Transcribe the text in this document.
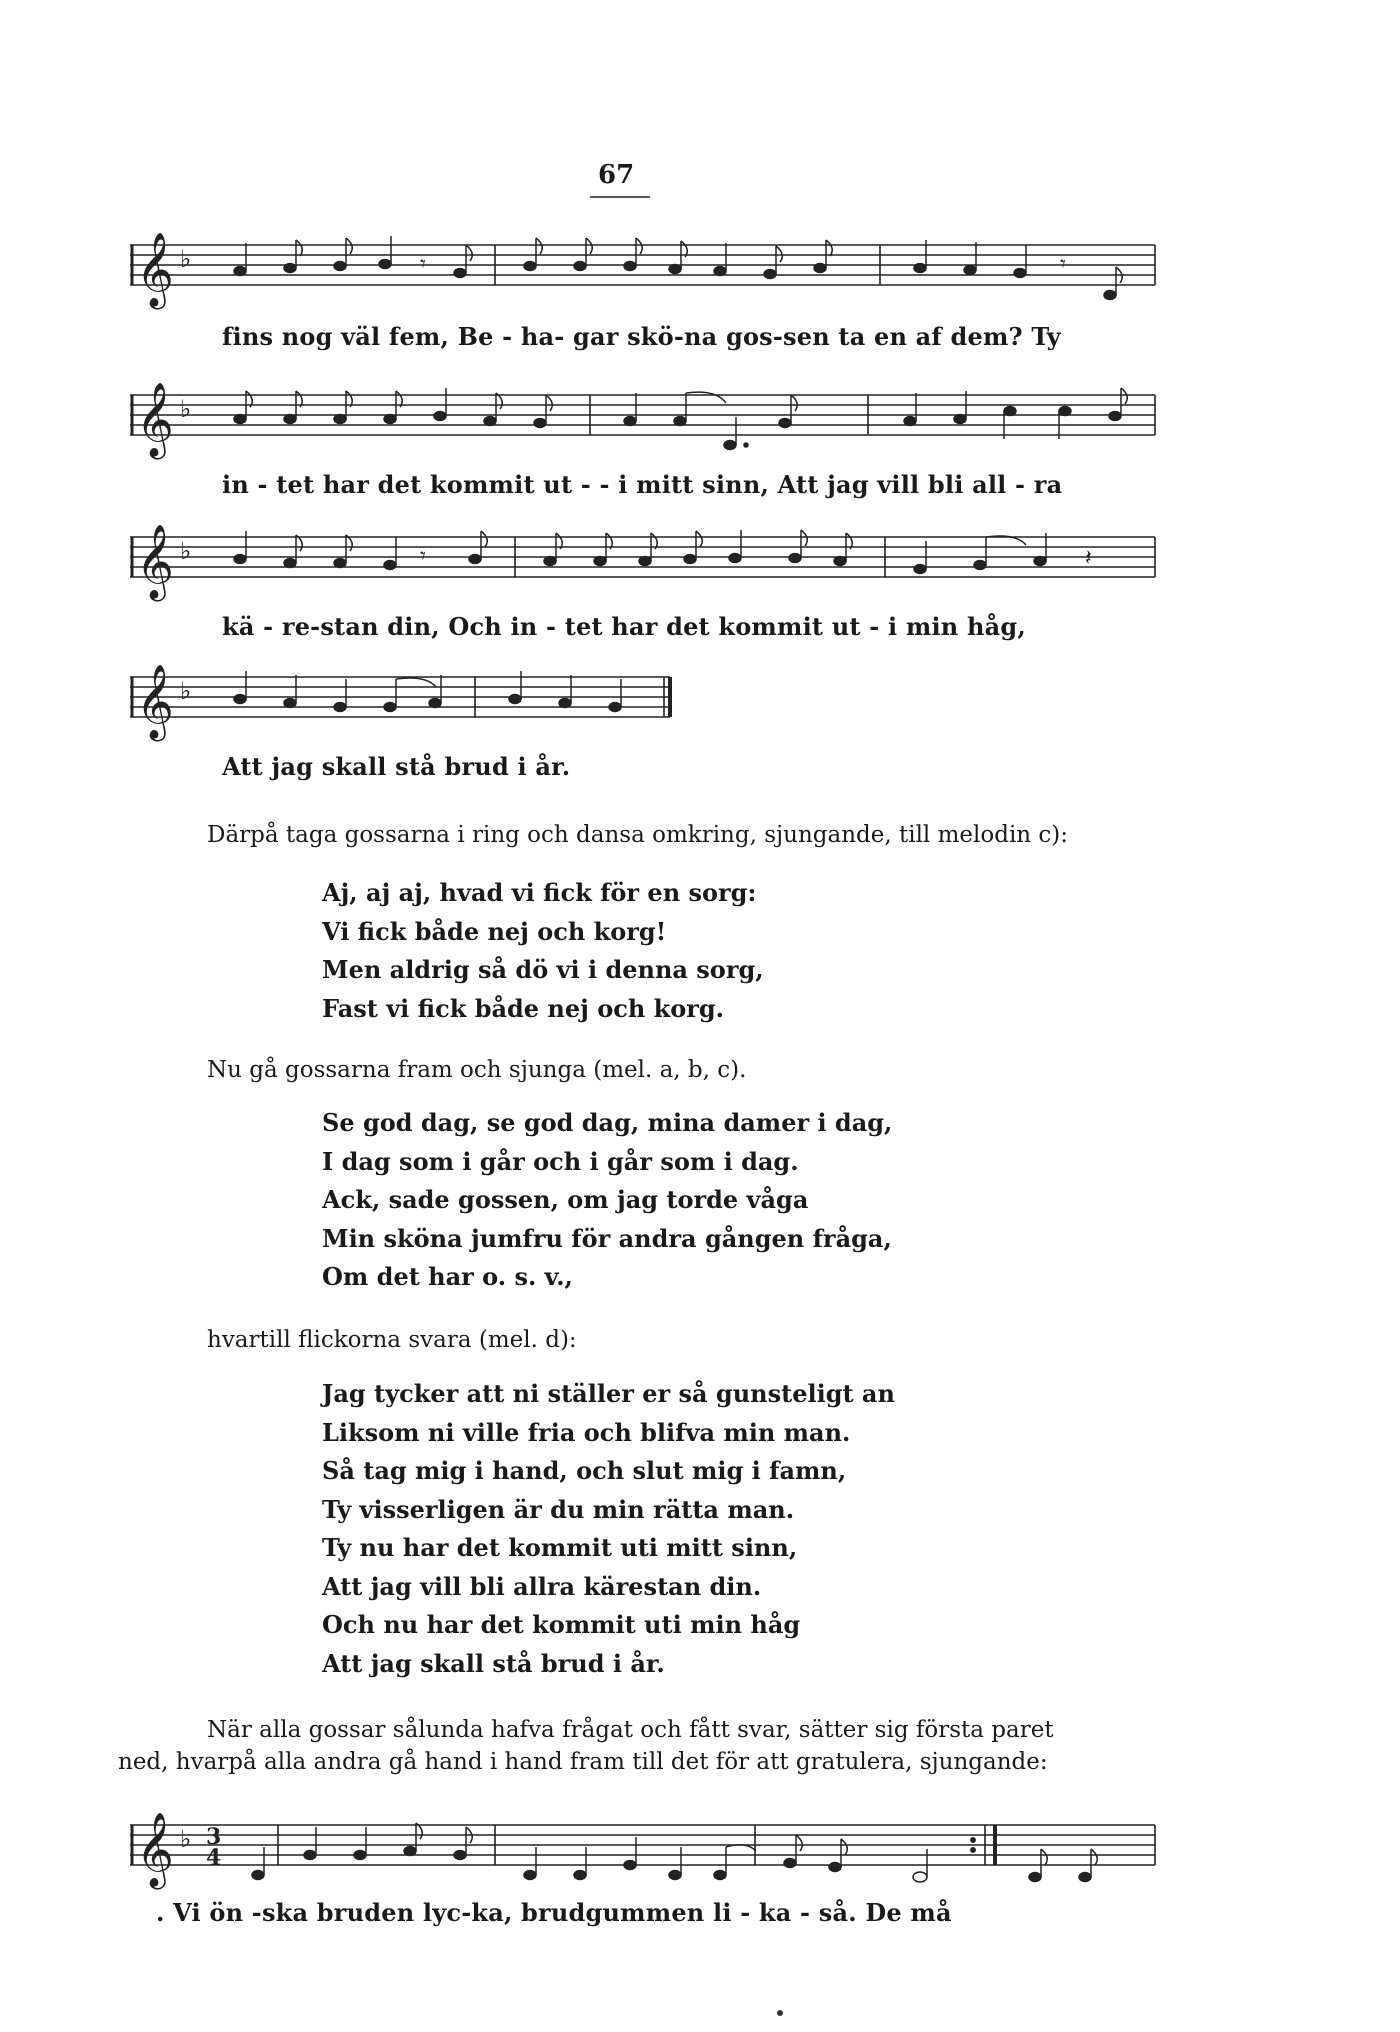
67
𝄞 ♭	𝄾	𝄾
fins nog väl fem, Be - ha- gar skö-na gos-sen ta en af dem? Ty
𝄞 ♭
in - tet har det kommit ut - - i mitt sinn, Att jag vill bli all - ra
𝄞 ♭	𝄾	𝄽
kä - re-stan din, Och in - tet har det kommit ut - i min håg,
𝄞 ♭
Att jag skall stå brud i år.
Därpå taga gossarna i ring och dansa omkring, sjungande, till melodin c):
Aj, aj aj, hvad vi fick för en sorg:
Vi fick både nej och korg!
Men aldrig så dö vi i denna sorg,
Fast vi fick både nej och korg.
Nu gå gossarna fram och sjunga (mel. a, b, c).
Se god dag, se god dag, mina damer i dag,
I dag som i går och i går som i dag.
Ack, sade gossen, om jag torde våga
Min sköna jumfru för andra gången fråga,
Om det har o. s. v.,
hvartill flickorna svara (mel. d):
Jag tycker att ni ställer er så gunsteligt an
Liksom ni ville fria och blifva min man.
Så tag mig i hand, och slut mig i famn,
Ty visserligen är du min rätta man.
Ty nu har det kommit uti mitt sinn,
Att jag vill bli allra kärestan din.
Och nu har det kommit uti min håg
Att jag skall stå brud i år.
När alla gossar sålunda hafva frågat och fått svar, sätter sig första paret
ned, hvarpå alla andra gå hand i hand fram till det för att gratulera, sjungande:
𝄞 ♭ 3
4
. Vi ön -ska bruden lyc-ka, brudgummen li - ka - så. De må
